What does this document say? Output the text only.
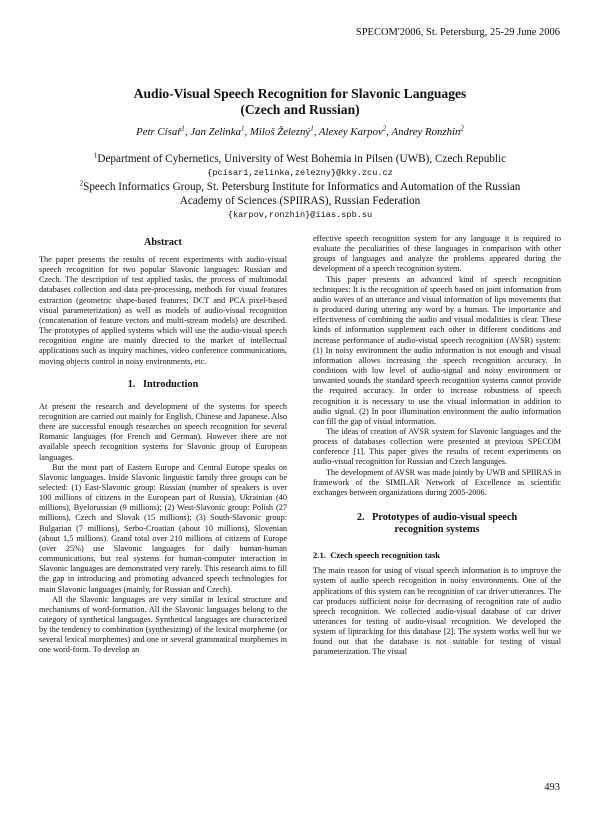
SPECOM'2006, St. Petersburg, 25-29 June 2006
Audio-Visual Speech Recognition for Slavonic Languages
(Czech and Russian)
Petr Císař$^1$, Jan Zelinka$^1$, Miloš Železný$^1$, Alexey Karpov$^2$, Andrey Ronzhin$^2$
$^1$Department of Cybernetics, University of West Bohemia in Pilsen (UWB), Czech Republic
{pcisar1,zelinka,zelezny}@kky.zcu.cz
$^2$Speech Informatics Group, St. Petersburg Institute for Informatics and Automation of the Russian
Academy of Sciences (SPIIRAS), Russian Federation
{karpov,ronzhin}@iias.spb.su
Abstract

The paper presents the results of recent experiments with audio-visual speech recognition for two popular Slavonic languages: Russian and Czech. The description of test applied tasks, the process of multimodal databases collection and data pre-processing, methods for visual features extraction (geometric shape-based features; DCT and PCA pixel-based visual parameterization) as well as models of audio-visual recognition (concatenation of feature vectors and multi-stream models) are described. The prototypes of applied systems which will use the audio-visual speech recognition engine are mainly directed to the market of intellectual applications such as inquiry machines, video conference communications, moving objects control in noisy environments, etc.

1.   Introduction

At present the research and development of the systems for speech recognition are carried out mainly for English, Chinese and Japanese. Also there are successful enough researches on speech recognition for several Romanic languages (for French and German). However there are not available speech recognition systems for Slavonic group of European languages.

But the most part of Eastern Europe and Central Europe speaks on Slavonic languages. Inside Slavonic linguistic family three groups can be selected: (1) East-Slavonic group: Russian (number of speakers is over 100 millions of citizens in the European part of Russia), Ukrainian (40 millions), Byelorussian (9 millions); (2) West-Slavonic group: Polish (27 millions), Czech and Slovak (15 millions); (3) South-Slavonic group: Bulgarian (7 millions), Serbo-Croatian (about 10 millions), Slovenian (about 1,5 millions). Grand total over 210 millions of citizens of Europe (over 25%) use Slavonic languages for daily human-human communications, but real systems for human-computer interaction in Slavonic languages are demonstrated very rarely. This research aims to fill the gap in introducing and promoting advanced speech technologies for main Slavonic languages (mainly, for Russian and Czech).

All the Slavonic languages are very similar in lexical structure and mechanisms of word-formation. All the Slavonic languages belong to the category of synthetical languages. Synthetical languages are characterized by the tendency to combination (synthesizing) of the lexical morpheme (or several lexical morphemes) and one or several grammatical morphemes in one word-form. To develop an

effective speech recognition system for any language it is required to evaluate the peculiarities of these languages in comparison with other groups of languages and analyze the problems appeared during the development of a speech recognition system.

This paper presents an advanced kind of speech recognition techniques: It is the recognition of speech based on joint information from audio waves of an utterance and visual information of lips movements that is produced during uttering any word by a human. The importance and effectiveness of combining the audio and visual modalities is clear. These kinds of information supplement each other in different conditions and increase performance of audio-visual speech recognition (AVSR) system: (1) In noisy environment the audio information is not enough and visual information allows increasing the speech recognition accuracy. In conditions with low level of audio-signal and noisy environment or unwanted sounds the standard speech recognition systems cannot provide the required accuracy. In order to increase robustness of speech recognition it is necessary to use the visual information in addition to audio signal. (2) In poor illumination environment the audio information can fill the gap of visual information.

The ideas of creation of AVSR system for Slavonic languages and the process of databases collection were presented at previous SPECOM conference [1]. This paper gives the results of recent experiments on audio-visual recognition for Russian and Czech languages.

The development of AVSR was made jointly by UWB and SPIIRAS in framework of the SIMILAR Network of Excellence as scientific exchanges between organizations during 2005-2006.

2.   Prototypes of audio-visual speech
recognition systems
2.1.  Czech speech recognition task

The main reason for using of visual speech information is to improve the system of audio speech recognition in noisy environments. One of the applications of this system can be recognition of car driver utterances. The car produces sufficient noise for decreasing of recognition rate of audio speech recognition. We collected audio-visual database of car driver utterances for testing of audio-visual recognition. We developed the system of liptracking for this database [2]. The system works well but we found out that the database is not suitable for testing of visual parameterization. The visual

493
